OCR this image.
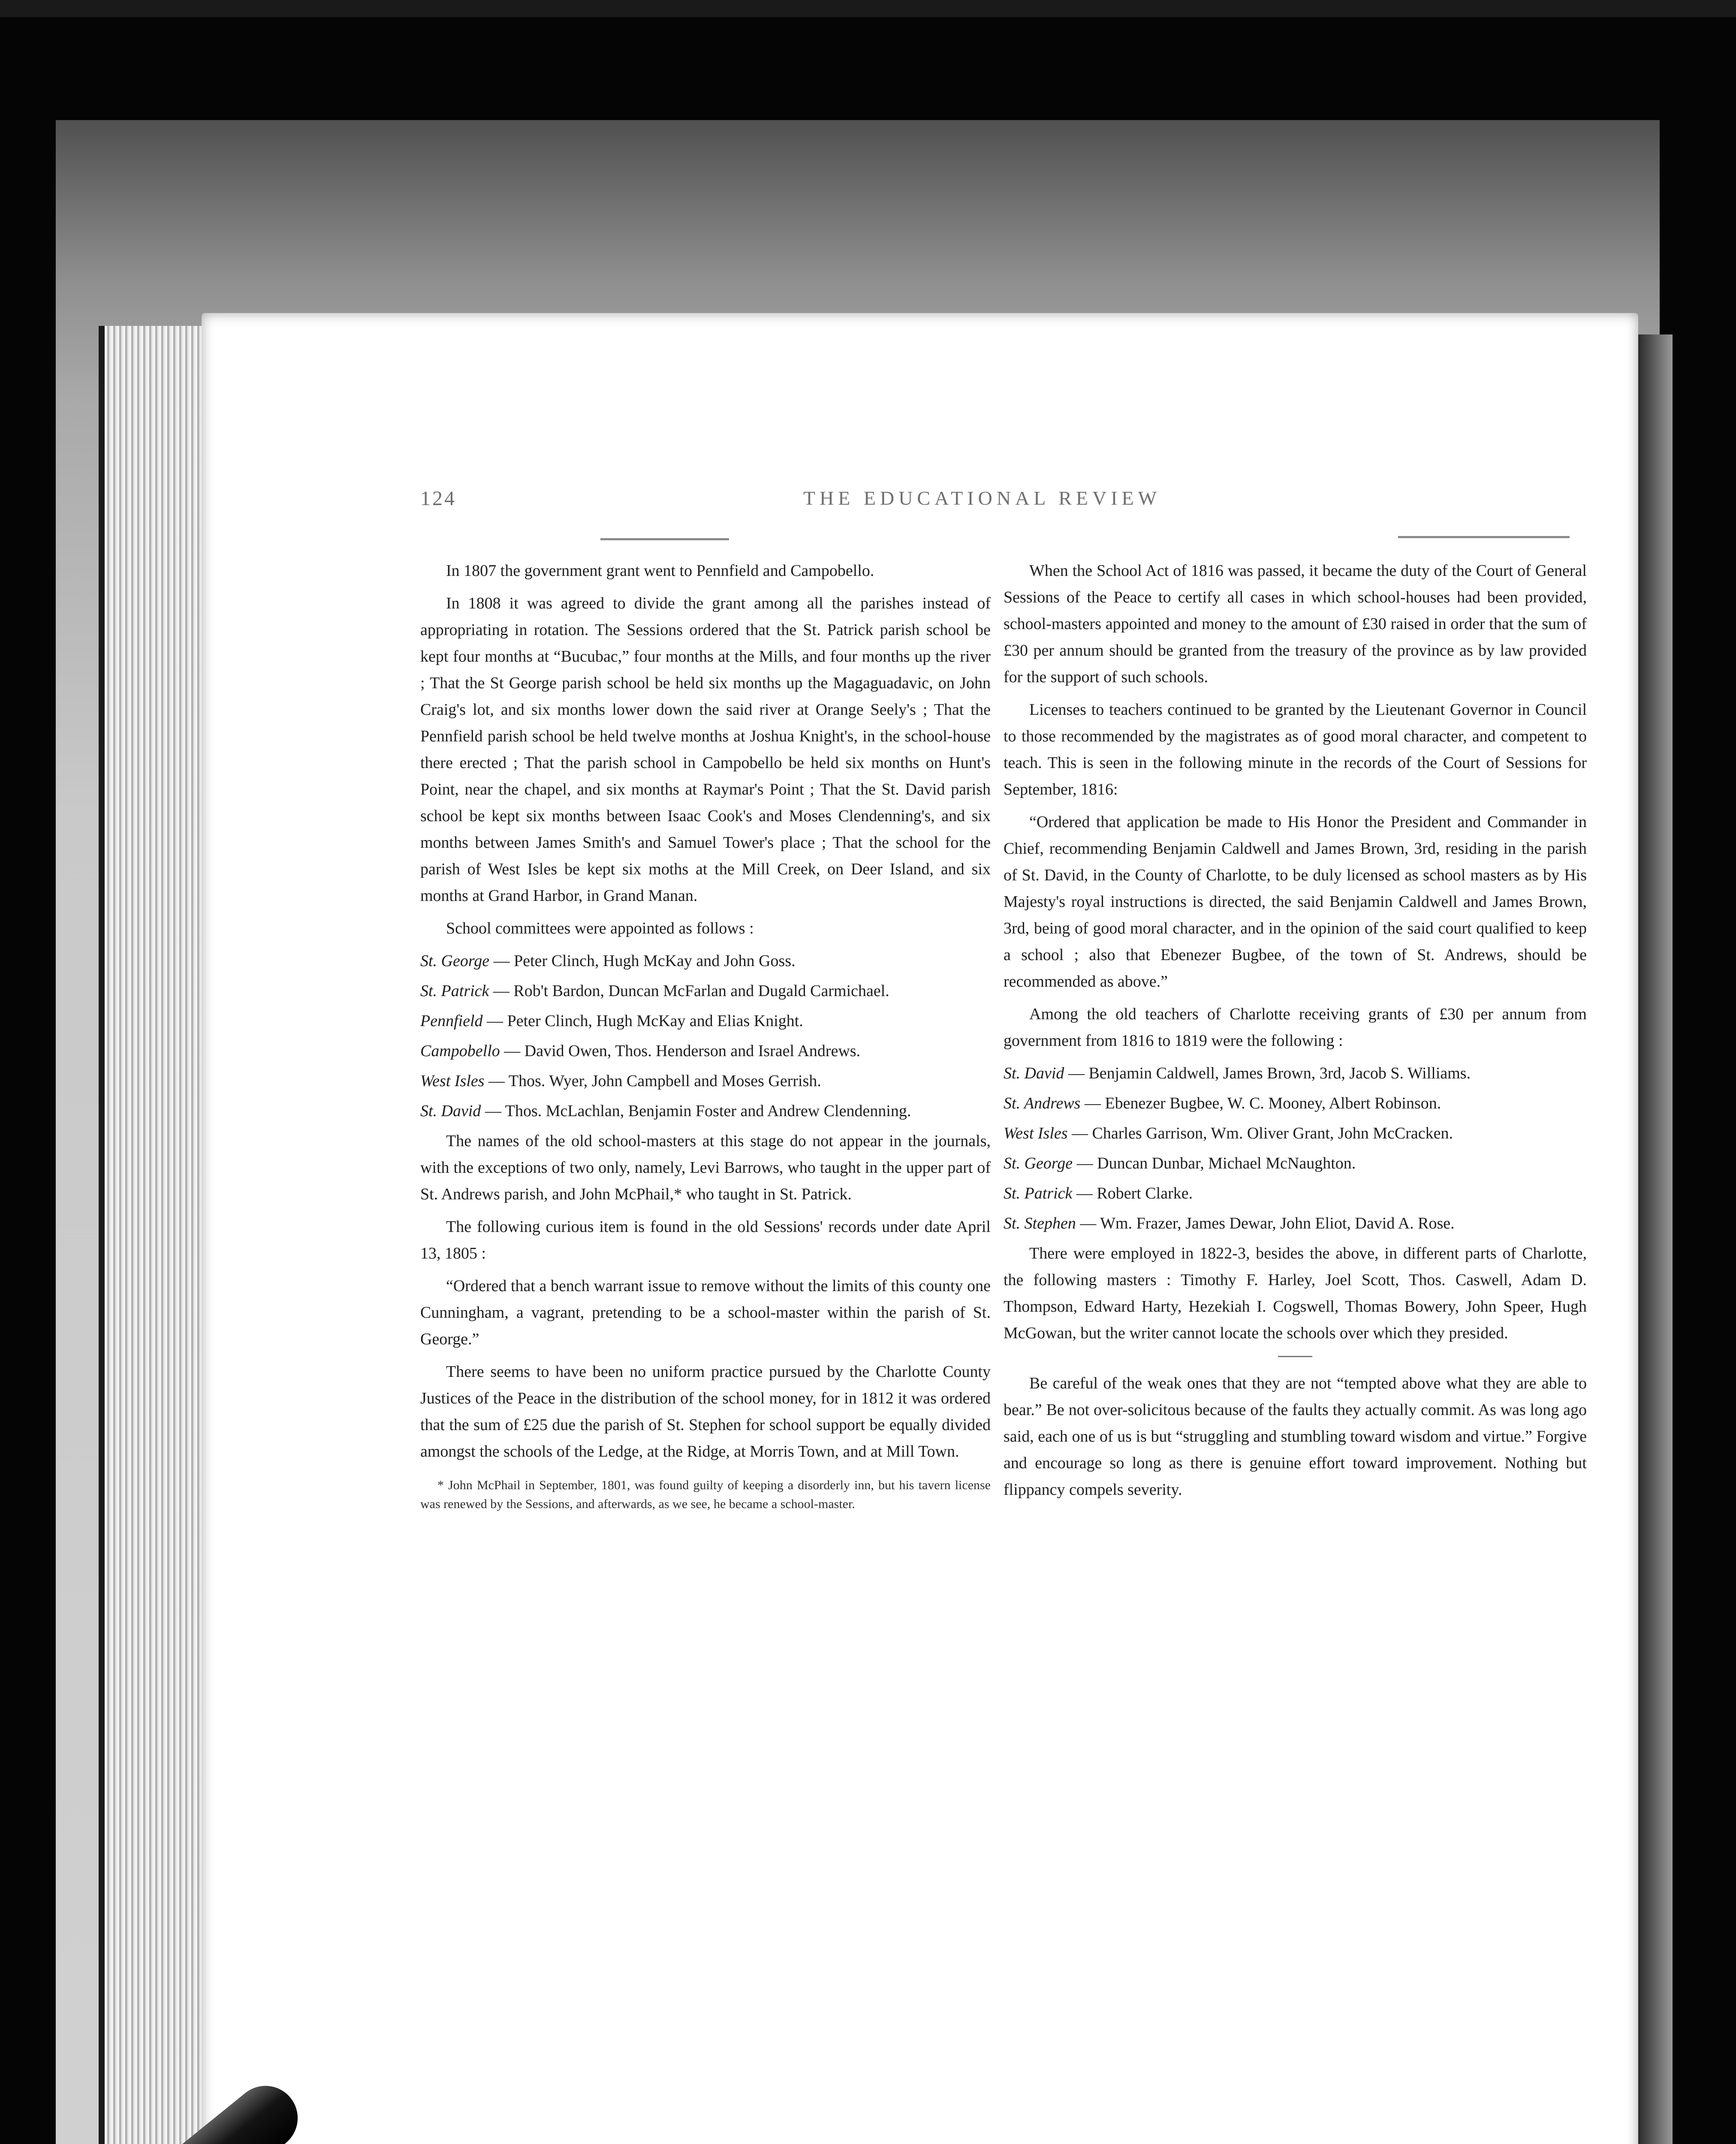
124	THE EDUCATIONAL REVIEW

In 1807 the government grant went to Pennfield and Campobello.

In 1808 it was agreed to divide the grant among all the parishes instead of appropriating in rotation. The Sessions ordered that the St. Patrick parish school be kept four months at “Bucubac,” four months at the Mills, and four months up the river ; That the St George parish school be held six months up the Magaguadavic, on John Craig's lot, and six months lower down the said river at Orange Seely's ; That the Pennfield parish school be held twelve months at Joshua Knight's, in the school-house there erected ; That the parish school in Campobello be held six months on Hunt's Point, near the chapel, and six months at Raymar's Point ; That the St. David parish school be kept six months between Isaac Cook's and Moses Clendenning's, and six months between James Smith's and Samuel Tower's place ; That the school for the parish of West Isles be kept six moths at the Mill Creek, on Deer Island, and six months at Grand Harbor, in Grand Manan.

School committees were appointed as follows :

St. George — Peter Clinch, Hugh McKay and John Goss.
St. Patrick — Rob't Bardon, Duncan McFarlan and Dugald Carmichael.
Pennfield — Peter Clinch, Hugh McKay and Elias Knight.
Campobello — David Owen, Thos. Henderson and Israel Andrews.
West Isles — Thos. Wyer, John Campbell and Moses Gerrish.
St. David — Thos. McLachlan, Benjamin Foster and Andrew Clendenning.

The names of the old school-masters at this stage do not appear in the journals, with the exceptions of two only, namely, Levi Barrows, who taught in the upper part of St. Andrews parish, and John McPhail,* who taught in St. Patrick.

The following curious item is found in the old Sessions' records under date April 13, 1805 :

“Ordered that a bench warrant issue to remove without the limits of this county one Cunningham, a vagrant, pretending to be a school-master within the parish of St. George.”

There seems to have been no uniform practice pursued by the Charlotte County Justices of the Peace in the distribution of the school money, for in 1812 it was ordered that the sum of £25 due the parish of St. Stephen for school support be equally divided amongst the schools of the Ledge, at the Ridge, at Morris Town, and at Mill Town.

* John McPhail in September, 1801, was found guilty of keeping a disorderly inn, but his tavern license was renewed by the Sessions, and afterwards, as we see, he became a school-master.

When the School Act of 1816 was passed, it became the duty of the Court of General Sessions of the Peace to certify all cases in which school-houses had been provided, school-masters appointed and money to the amount of £30 raised in order that the sum of £30 per annum should be granted from the treasury of the province as by law provided for the support of such schools.

Licenses to teachers continued to be granted by the Lieutenant Governor in Council to those recommended by the magistrates as of good moral character, and competent to teach. This is seen in the following minute in the records of the Court of Sessions for September, 1816:

“Ordered that application be made to His Honor the President and Commander in Chief, recommending Benjamin Caldwell and James Brown, 3rd, residing in the parish of St. David, in the County of Charlotte, to be duly licensed as school masters as by His Majesty's royal instructions is directed, the said Benjamin Caldwell and James Brown, 3rd, being of good moral character, and in the opinion of the said court qualified to keep a school ; also that Ebenezer Bugbee, of the town of St. Andrews, should be recommended as above.”

Among the old teachers of Charlotte receiving grants of £30 per annum from government from 1816 to 1819 were the following :

St. David — Benjamin Caldwell, James Brown, 3rd, Jacob S. Williams.
St. Andrews — Ebenezer Bugbee, W. C. Mooney, Albert Robinson.
West Isles — Charles Garrison, Wm. Oliver Grant, John McCracken.
St. George — Duncan Dunbar, Michael McNaughton.
St. Patrick — Robert Clarke.
St. Stephen — Wm. Frazer, James Dewar, John Eliot, David A. Rose.

There were employed in 1822-3, besides the above, in different parts of Charlotte, the following masters : Timothy F. Harley, Joel Scott, Thos. Caswell, Adam D. Thompson, Edward Harty, Hezekiah I. Cogswell, Thomas Bowery, John Speer, Hugh McGowan, but the writer cannot locate the schools over which they presided.

Be careful of the weak ones that they are not “tempted above what they are able to bear.” Be not over-solicitous because of the faults they actually commit. As was long ago said, each one of us is but “struggling and stumbling toward wisdom and virtue.” Forgive and encourage so long as there is genuine effort toward improvement. Nothing but flippancy compels severity.
